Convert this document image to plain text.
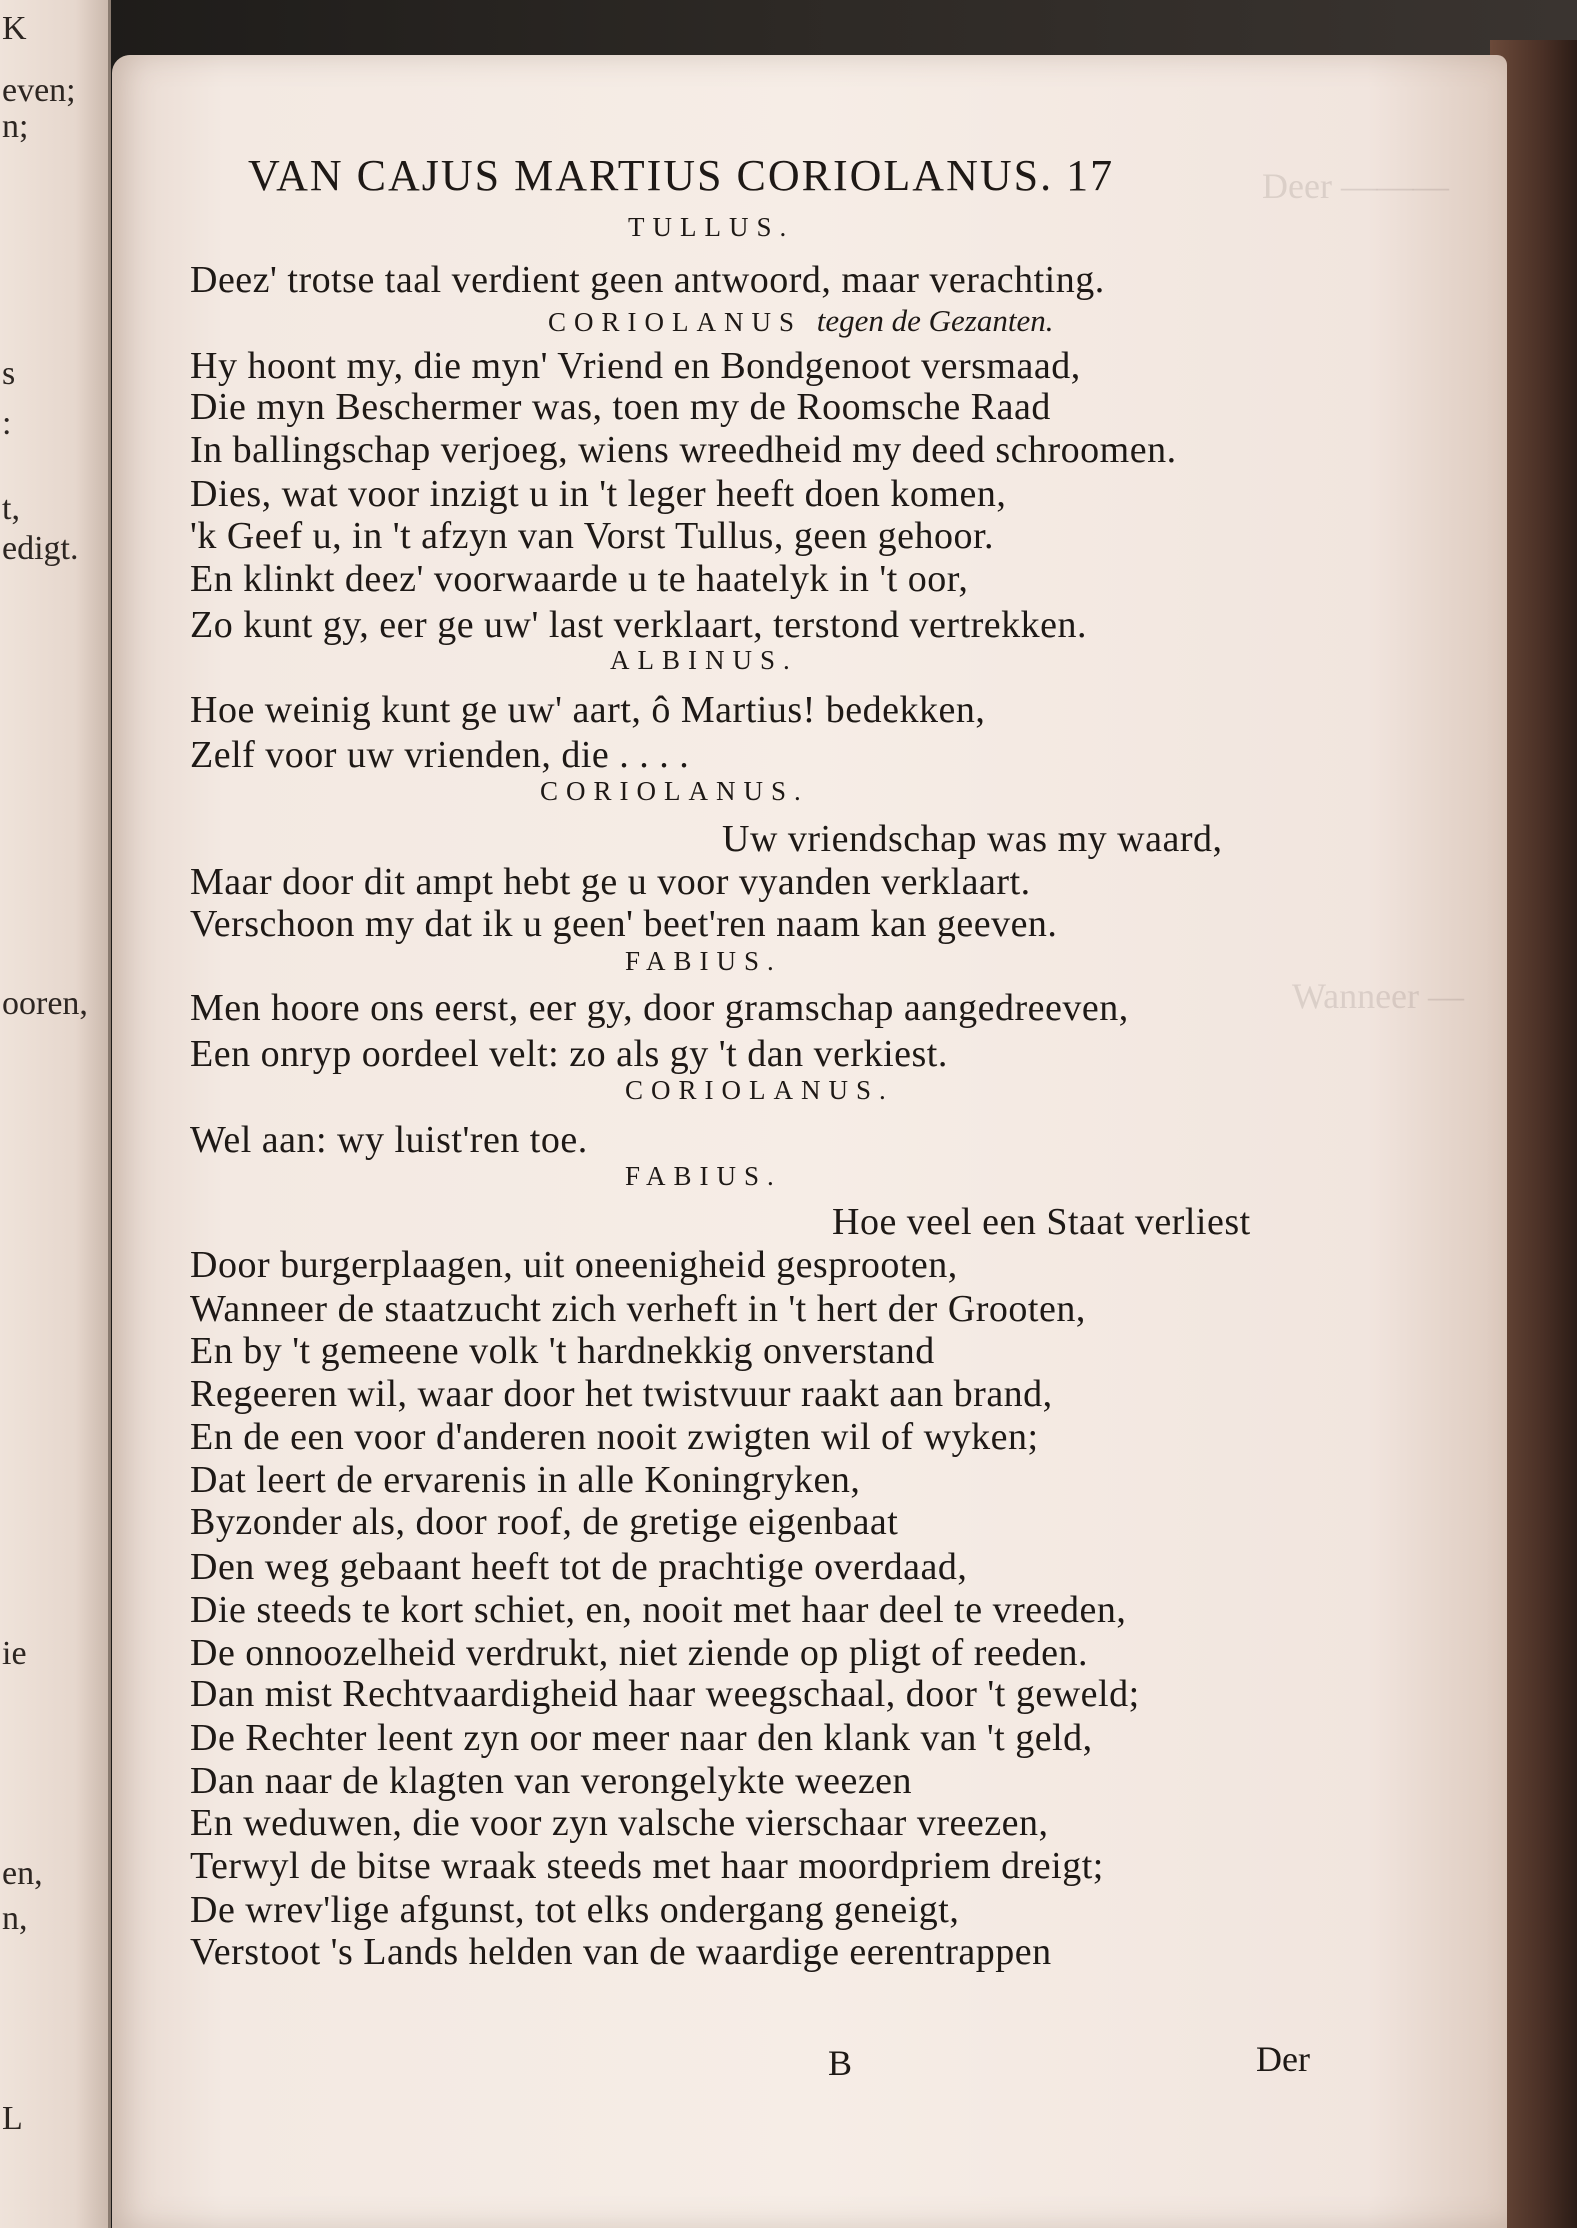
K
even;
n;
s
:
t,
edigt.
ooren,
ie
en,
n,
L
Deer ———
Wanneer —
VAN CAJUS MARTIUS CORIOLANUS. 17
TULLUS.
Deez' trotse taal verdient geen antwoord, maar verachting.
CORIOLANUS tegen de Gezanten.
Hy hoont my, die myn' Vriend en Bondgenoot versmaad,
Die myn Beschermer was, toen my de Roomsche Raad
In ballingschap verjoeg, wiens wreedheid my deed schroomen.
Dies, wat voor inzigt u in 't leger heeft doen komen,
'k Geef u, in 't afzyn van Vorst Tullus, geen gehoor.
En klinkt deez' voorwaarde u te haatelyk in 't oor,
Zo kunt gy, eer ge uw' last verklaart, terstond vertrekken.
ALBINUS.
Hoe weinig kunt ge uw' aart, ô Martius! bedekken,
Zelf voor uw vrienden, die . . . .
CORIOLANUS.
Uw vriendschap was my waard,
Maar door dit ampt hebt ge u voor vyanden verklaart.
Verschoon my dat ik u geen' beet'ren naam kan geeven.
FABIUS.
Men hoore ons eerst, eer gy, door gramschap aangedreeven,
Een onryp oordeel velt: zo als gy 't dan verkiest.
CORIOLANUS.
Wel aan: wy luist'ren toe.
FABIUS.
Hoe veel een Staat verliest
Door burgerplaagen, uit oneenigheid gesprooten,
Wanneer de staatzucht zich verheft in 't hert der Grooten,
En by 't gemeene volk 't hardnekkig onverstand
Regeeren wil, waar door het twistvuur raakt aan brand,
En de een voor d'anderen nooit zwigten wil of wyken;
Dat leert de ervarenis in alle Koningryken,
Byzonder als, door roof, de gretige eigenbaat
Den weg gebaant heeft tot de prachtige overdaad,
Die steeds te kort schiet, en, nooit met haar deel te vreeden,
De onnoozelheid verdrukt, niet ziende op pligt of reeden.
Dan mist Rechtvaardigheid haar weegschaal, door 't geweld;
De Rechter leent zyn oor meer naar den klank van 't geld,
Dan naar de klagten van verongelykte weezen
En weduwen, die voor zyn valsche vierschaar vreezen,
Terwyl de bitse wraak steeds met haar moordpriem dreigt;
De wrev'lige afgunst, tot elks ondergang geneigt,
Verstoot 's Lands helden van de waardige eerentrappen
B	Der
